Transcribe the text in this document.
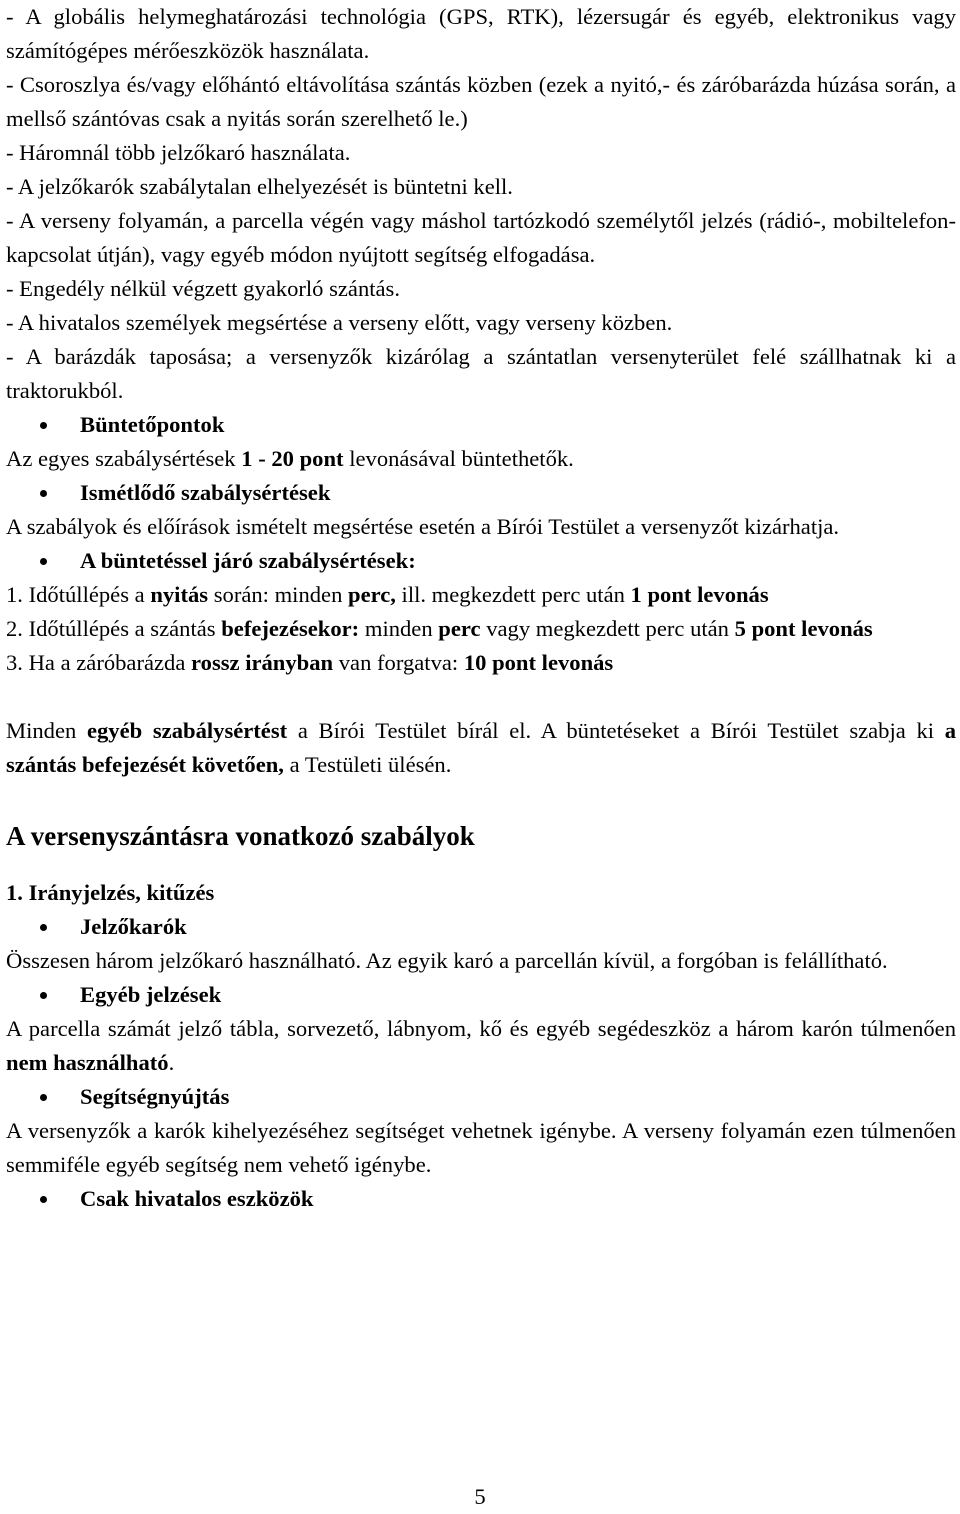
- A globális helymeghatározási technológia (GPS, RTK), lézersugár és egyéb, elektronikus vagy számítógépes mérőeszközök használata.

- Csoroszlya és/vagy előhántó eltávolítása szántás közben (ezek a nyitó,- és záróbarázda húzása során, a mellső szántóvas csak a nyitás során szerelhető le.)

- Háromnál több jelzőkaró használata.

- A jelzőkarók szabálytalan elhelyezését is büntetni kell.

- A verseny folyamán, a parcella végén vagy máshol tartózkodó személytől jelzés (rádió-, mobiltelefon-kapcsolat útján), vagy egyéb módon nyújtott segítség elfogadása.

- Engedély nélkül végzett gyakorló szántás.

- A hivatalos személyek megsértése a verseny előtt, vagy verseny közben.

- A barázdák taposása; a versenyzők kizárólag a szántatlan versenyterület felé szállhatnak ki a traktorukból.

Büntetőpontok

Az egyes szabálysértések 1 - 20 pont levonásával büntethetők.

Ismétlődő szabálysértések

A szabályok és előírások ismételt megsértése esetén a Bírói Testület a versenyzőt kizárhatja.

A büntetéssel járó szabálysértések:

1. Időtúllépés a nyitás során: minden perc, ill. megkezdett perc után 1 pont levonás

2. Időtúllépés a szántás befejezésekor: minden perc vagy megkezdett perc után 5 pont levonás

3. Ha a záróbarázda rossz irányban van forgatva: 10 pont levonás

Minden egyéb szabálysértést a Bírói Testület bírál el. A büntetéseket a Bírói Testület szabja ki a szántás befejezését követően, a Testületi ülésén.

A versenyszántásra vonatkozó szabályok

1. Irányjelzés, kitűzés

Jelzőkarók

Összesen három jelzőkaró használható. Az egyik karó a parcellán kívül, a forgóban is felállítható.

Egyéb jelzések

A parcella számát jelző tábla, sorvezető, lábnyom, kő és egyéb segédeszköz a három karón túlmenően nem használható.

Segítségnyújtás

A versenyzők a karók kihelyezéséhez segítséget vehetnek igénybe. A verseny folyamán ezen túlmenően semmiféle egyéb segítség nem vehető igénybe.

Csak hivatalos eszközök
5
